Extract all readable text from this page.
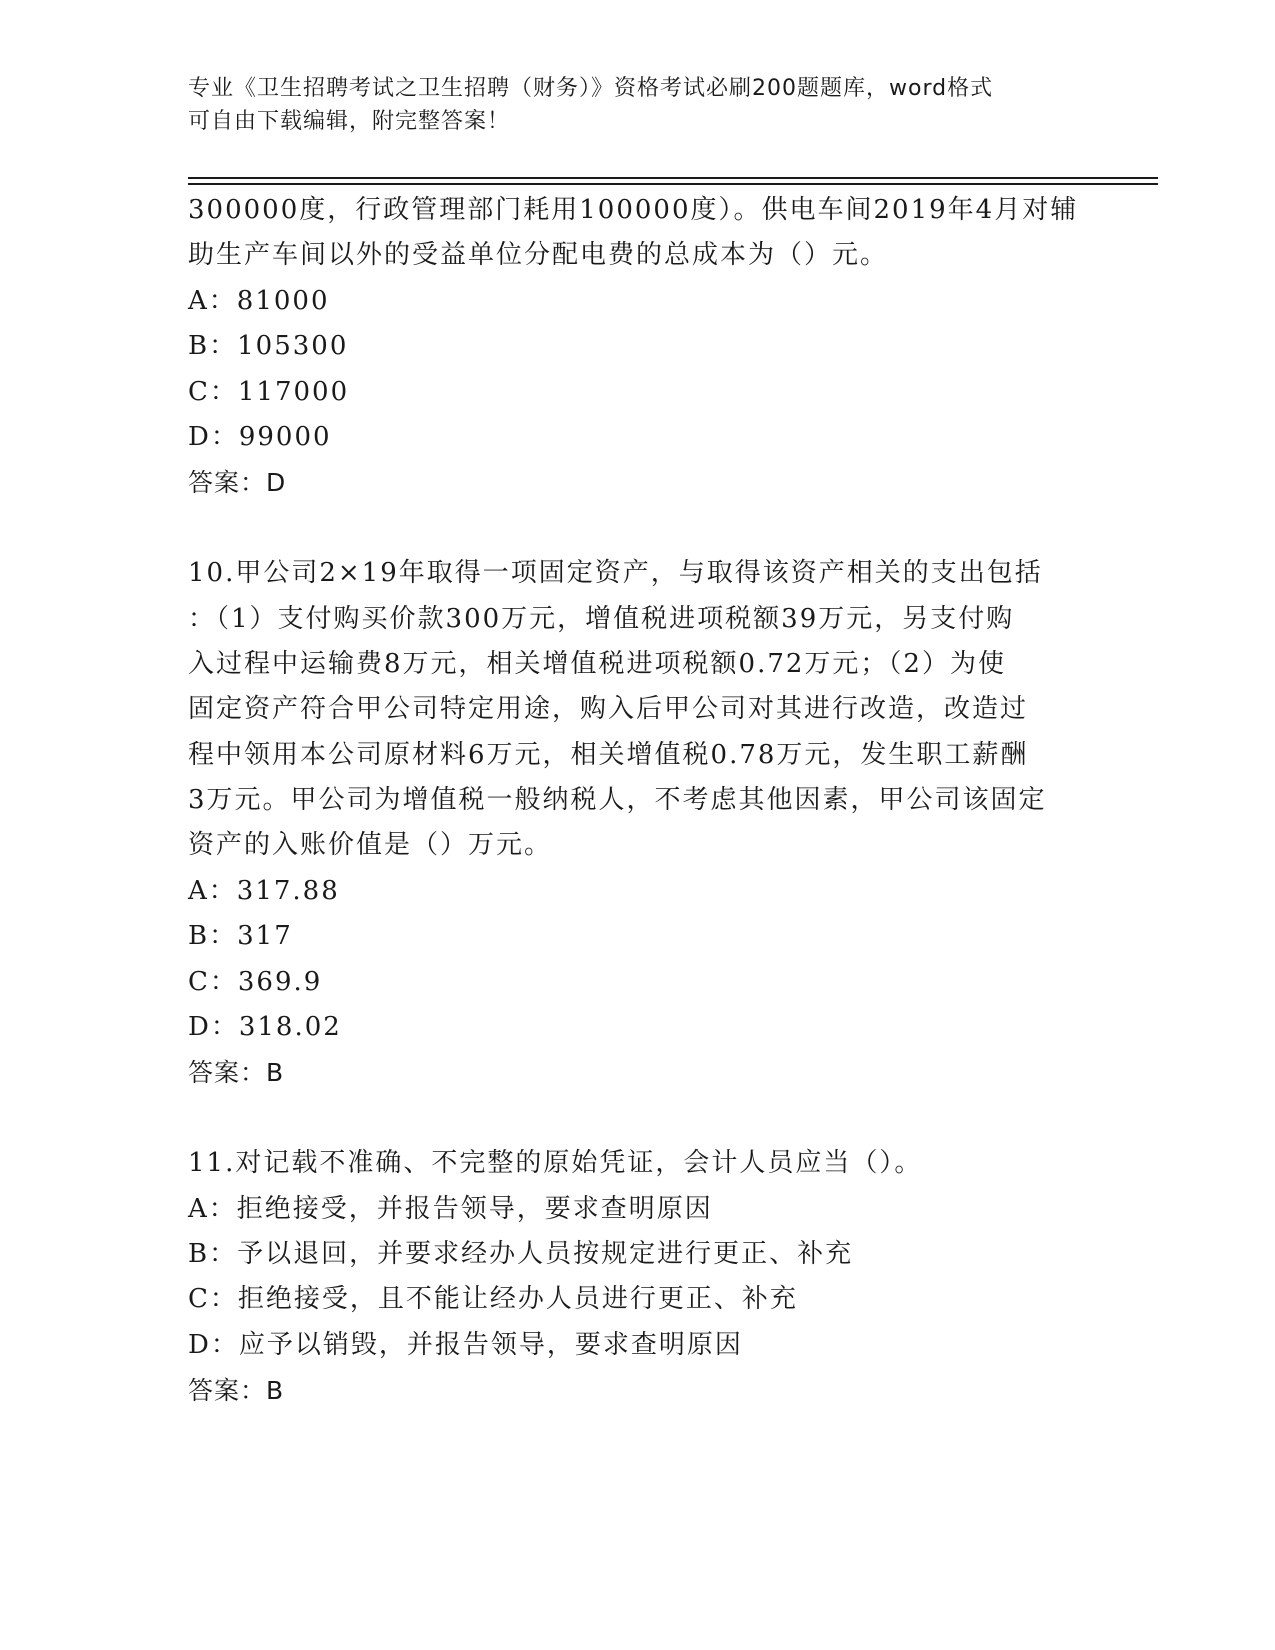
专业《卫生招聘考试之卫生招聘（财务）》资格考试必刷200题题库，word格式
可自由下载编辑，附完整答案！
300000度，行政管理部门耗用100000度）。供电车间2019年4月对辅
助生产车间以外的受益单位分配电费的总成本为（）元。
A：81000
B：105300
C：117000
D：99000
答案：D
10.甲公司2×19年取得一项固定资产，与取得该资产相关的支出包括
：（1）支付购买价款300万元，增值税进项税额39万元，另支付购
入过程中运输费8万元，相关增值税进项税额0.72万元；（2）为使
固定资产符合甲公司特定用途，购入后甲公司对其进行改造，改造过
程中领用本公司原材料6万元，相关增值税0.78万元，发生职工薪酬
3万元。甲公司为增值税一般纳税人，不考虑其他因素，甲公司该固定
资产的入账价值是（）万元。
A：317.88
B：317
C：369.9
D：318.02
答案：B
11.对记载不准确、不完整的原始凭证，会计人员应当（）。
A：拒绝接受，并报告领导，要求查明原因
B：予以退回，并要求经办人员按规定进行更正、补充
C：拒绝接受，且不能让经办人员进行更正、补充
D：应予以销毁，并报告领导，要求查明原因
答案：B
